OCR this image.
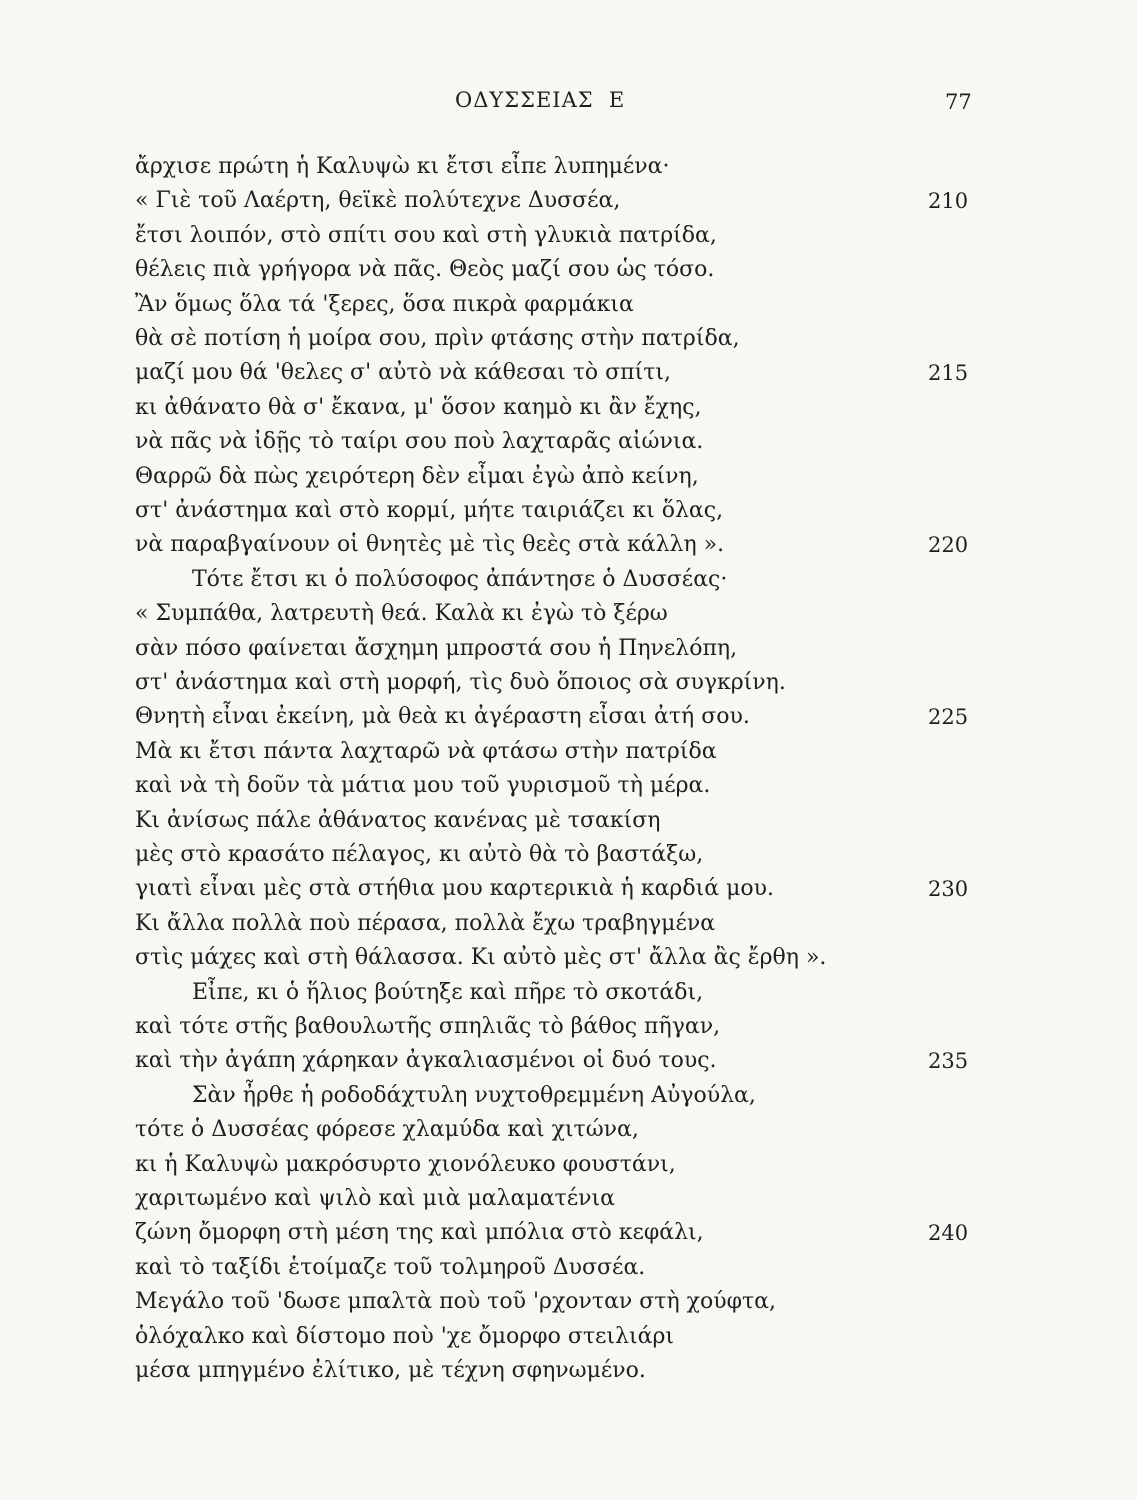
ΟΔΥΣΣΕΙΑΣ  Ε	77
ἄρχισε πρώτη ἡ Καλυψὼ κι ἔτσι εἶπε λυπημένα·
« Γιὲ τοῦ Λαέρτη, θεϊκὲ πολύτεχνε Δυσσέα,	210
ἔτσι λοιπόν, στὸ σπίτι σου καὶ στὴ γλυκιὰ πατρίδα,
θέλεις πιὰ γρήγορα νὰ πᾶς. Θεὸς μαζί σου ὡς τόσο.
Ἂν ὅμως ὅλα τά 'ξερες, ὅσα πικρὰ φαρμάκια
θὰ σὲ ποτίση ἡ μοίρα σου, πρὶν φτάσης στὴν πατρίδα,
μαζί μου θά 'θελες σ' αὐτὸ νὰ κάθεσαι τὸ σπίτι,	215
κι ἀθάνατο θὰ σ' ἔκανα, μ' ὅσον καημὸ κι ἂν ἔχης,
νὰ πᾶς νὰ ἰδῇς τὸ ταίρι σου ποὺ λαχταρᾶς αἰώνια.
Θαρρῶ δὰ πὼς χειρότερη δὲν εἶμαι ἐγὼ ἀπὸ κείνη,
στ' ἀνάστημα καὶ στὸ κορμί, μήτε ταιριάζει κι ὅλας,
νὰ παραβγαίνουν οἱ θνητὲς μὲ τὶς θεὲς στὰ κάλλη ».	220
Τότε ἔτσι κι ὁ πολύσοφος ἀπάντησε ὁ Δυσσέας·
« Συμπάθα, λατρευτὴ θεά. Καλὰ κι ἐγὼ τὸ ξέρω
σὰν πόσο φαίνεται ἄσχημη μπροστά σου ἡ Πηνελόπη,
στ' ἀνάστημα καὶ στὴ μορφή, τὶς δυὸ ὅποιος σὰ συγκρίνη.
Θνητὴ εἶναι ἐκείνη, μὰ θεὰ κι ἀγέραστη εἶσαι ἀτή σου.	225
Μὰ κι ἔτσι πάντα λαχταρῶ νὰ φτάσω στὴν πατρίδα
καὶ νὰ τὴ δοῦν τὰ μάτια μου τοῦ γυρισμοῦ τὴ μέρα.
Κι ἀνίσως πάλε ἀθάνατος κανένας μὲ τσακίση
μὲς στὸ κρασάτο πέλαγος, κι αὐτὸ θὰ τὸ βαστάξω,
γιατὶ εἶναι μὲς στὰ στήθια μου καρτερικιὰ ἡ καρδιά μου.	230
Κι ἄλλα πολλὰ ποὺ πέρασα, πολλὰ ἔχω τραβηγμένα
στὶς μάχες καὶ στὴ θάλασσα. Κι αὐτὸ μὲς στ' ἄλλα ἂς ἔρθη ».
Εἶπε, κι ὁ ἥλιος βούτηξε καὶ πῆρε τὸ σκοτάδι,
καὶ τότε στῆς βαθουλωτῆς σπηλιᾶς τὸ βάθος πῆγαν,
καὶ τὴν ἀγάπη χάρηκαν ἀγκαλιασμένοι οἱ δυό τους.	235
Σὰν ἦρθε ἡ ροδοδάχτυλη νυχτοθρεμμένη Αὐγούλα,
τότε ὁ Δυσσέας φόρεσε χλαμύδα καὶ χιτώνα,
κι ἡ Καλυψὼ μακρόσυρτο χιονόλευκο φουστάνι,
χαριτωμένο καὶ ψιλὸ καὶ μιὰ μαλαματένια
ζώνη ὄμορφη στὴ μέση της καὶ μπόλια στὸ κεφάλι,	240
καὶ τὸ ταξίδι ἑτοίμαζε τοῦ τολμηροῦ Δυσσέα.
Μεγάλο τοῦ 'δωσε μπαλτὰ ποὺ τοῦ 'ρχονταν στὴ χούφτα,
ὁλόχαλκο καὶ δίστομο ποὺ 'χε ὄμορφο στειλιάρι
μέσα μπηγμένο ἐλίτικο, μὲ τέχνη σφηνωμένο.
